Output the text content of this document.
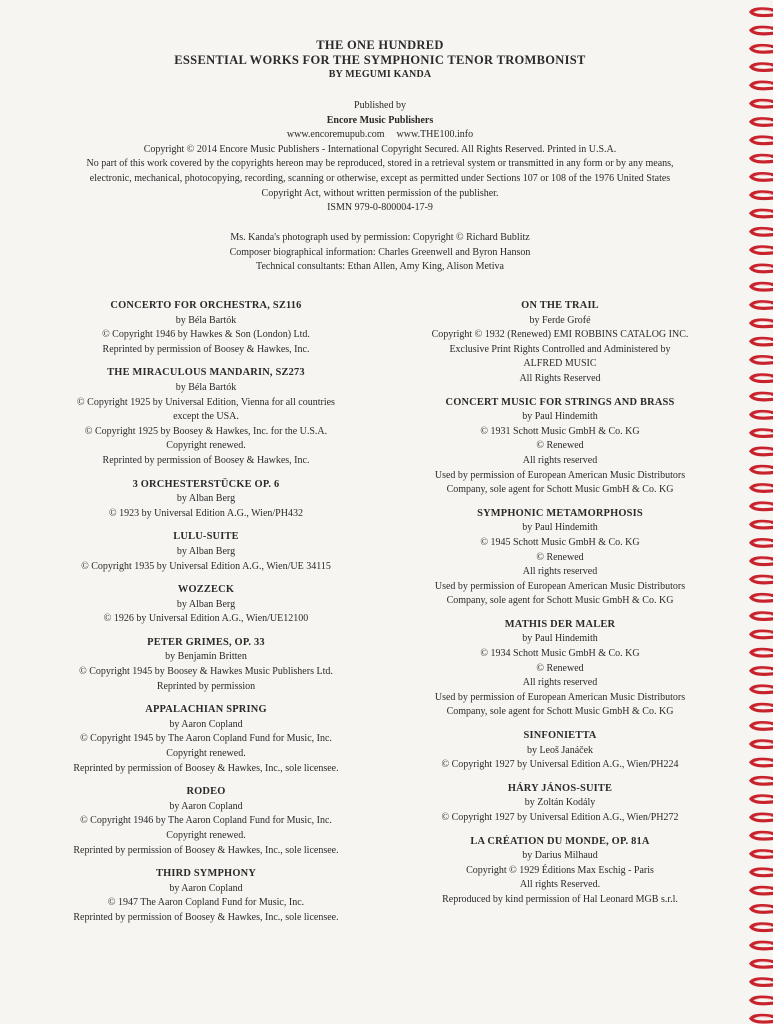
THE ONE HUNDRED
ESSENTIAL WORKS FOR THE SYMPHONIC TENOR TROMBONIST
BY MEGUMI KANDA
Published by
Encore Music Publishers
www.encoremupub.com www.THE100.info
Copyright © 2014 Encore Music Publishers - International Copyright Secured. All Rights Reserved. Printed in U.S.A.
No part of this work covered by the copyrights hereon may be reproduced, stored in a retrieval system or transmitted in any form or by any means,
electronic, mechanical, photocopying, recording, scanning or otherwise, except as permitted under Sections 107 or 108 of the 1976 United States
Copyright Act, without written permission of the publisher.
ISMN 979-0-800004-17-9
Ms. Kanda's photograph used by permission: Copyright © Richard Bublitz
Composer biographical information: Charles Greenwell and Byron Hanson
Technical consultants: Ethan Allen, Amy King, Alison Metiva
CONCERTO FOR ORCHESTRA, SZ116
by Béla Bartók
© Copyright 1946 by Hawkes & Son (London) Ltd.
Reprinted by permission of Boosey & Hawkes, Inc.
THE MIRACULOUS MANDARIN, SZ273
by Béla Bartók
© Copyright 1925 by Universal Edition, Vienna for all countries
except the USA.
© Copyright 1925 by Boosey & Hawkes, Inc. for the U.S.A.
Copyright renewed.
Reprinted by permission of Boosey & Hawkes, Inc.
3 ORCHESTERSTÜCKE OP. 6
by Alban Berg
© 1923 by Universal Edition A.G., Wien/PH432
LULU-SUITE
by Alban Berg
© Copyright 1935 by Universal Edition A.G., Wien/UE 34115
WOZZECK
by Alban Berg
© 1926 by Universal Edition A.G., Wien/UE12100
PETER GRIMES, OP. 33
by Benjamin Britten
© Copyright 1945 by Boosey & Hawkes Music Publishers Ltd.
Reprinted by permission
APPALACHIAN SPRING
by Aaron Copland
© Copyright 1945 by The Aaron Copland Fund for Music, Inc.
Copyright renewed.
Reprinted by permission of Boosey & Hawkes, Inc., sole licensee.
RODEO
by Aaron Copland
© Copyright 1946 by The Aaron Copland Fund for Music, Inc.
Copyright renewed.
Reprinted by permission of Boosey & Hawkes, Inc., sole licensee.
THIRD SYMPHONY
by Aaron Copland
© 1947 The Aaron Copland Fund for Music, Inc.
Reprinted by permission of Boosey & Hawkes, Inc., sole licensee.
ON THE TRAIL
by Ferde Grofé
Copyright © 1932 (Renewed) EMI ROBBINS CATALOG INC.
Exclusive Print Rights Controlled and Administered by
ALFRED MUSIC
All Rights Reserved
CONCERT MUSIC FOR STRINGS AND BRASS
by Paul Hindemith
© 1931 Schott Music GmbH & Co. KG
© Renewed
All rights reserved
Used by permission of European American Music Distributors
Company, sole agent for Schott Music GmbH & Co. KG
SYMPHONIC METAMORPHOSIS
by Paul Hindemith
© 1945 Schott Music GmbH & Co. KG
© Renewed
All rights reserved
Used by permission of European American Music Distributors
Company, sole agent for Schott Music GmbH & Co. KG
MATHIS DER MALER
by Paul Hindemith
© 1934 Schott Music GmbH & Co. KG
© Renewed
All rights reserved
Used by permission of European American Music Distributors
Company, sole agent for Schott Music GmbH & Co. KG
SINFONIETTA
by Leoš Janáček
© Copyright 1927 by Universal Edition A.G., Wien/PH224
HÁRY JÁNOS-SUITE
by Zoltán Kodály
© Copyright 1927 by Universal Edition A.G., Wien/PH272
LA CRÉATION DU MONDE, OP. 81A
by Darius Milhaud
Copyright © 1929 Éditions Max Eschig - Paris
All rights Reserved.
Reproduced by kind permission of Hal Leonard MGB s.r.l.
